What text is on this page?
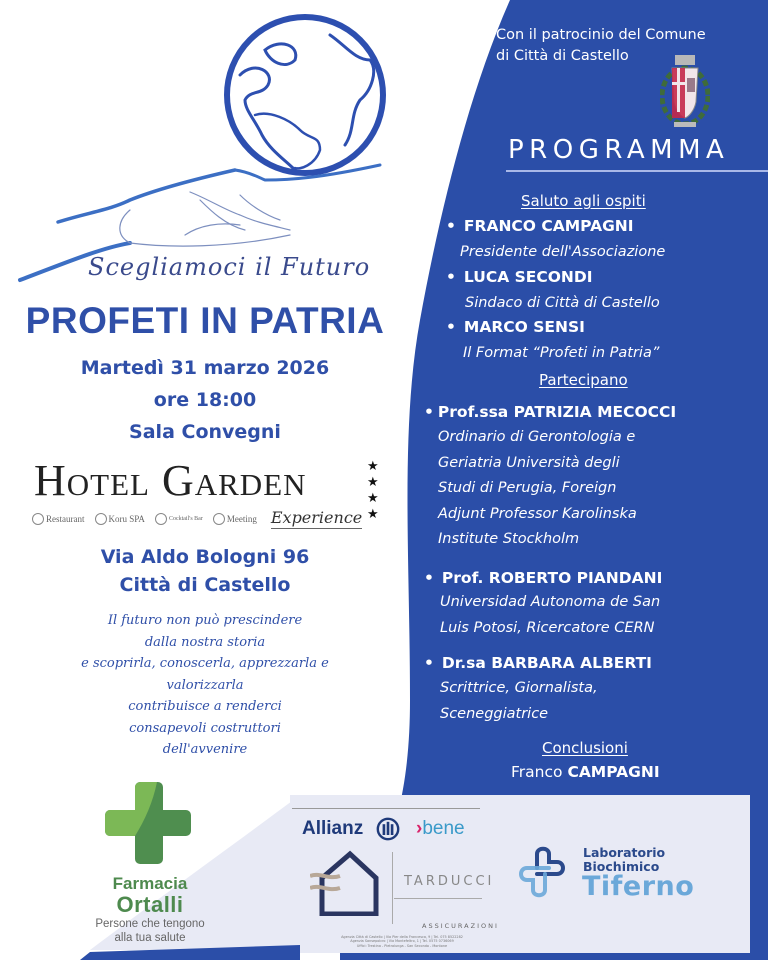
Scegliamoci il Futuro
PROFETI IN PATRIA
Martedì 31 marzo 2026
ore 18:00
Sala Convegni
Hotel Garden	★
★
★
★
Restaurant	Koru SPA	Cocktail's Bar	Meeting Experience
Via Aldo Bologni 96
Città di Castello
Il futuro non può prescindere
dalla nostra storia
e scoprirla, conoscerla, apprezzarla e
valorizzarla
contribuisce a renderci
consapevoli costruttori
dell'avvenire
Con il patrocinio del Comune
di Città di Castello
PROGRAMMA
Saluto agli ospiti
• FRANCO CAMPAGNI
Presidente dell'Associazione
• LUCA SECONDI
Sindaco di Città di Castello
• MARCO SENSI
Il Format “Profeti in Patria”
Partecipano
• Prof.ssa PATRIZIA MECOCCI
Ordinario di Gerontologia e
Geriatria Università degli
Studi di Perugia, Foreign
Adjunt Professor Karolinska
Institute Stockholm
• Prof. ROBERTO PIANDANI
Universidad Autonoma de San
Luis Potosi, Ricercatore CERN
• Dr.sa BARBARA ALBERTI
Scrittrice, Giornalista,
Sceneggiatrice
Conclusioni
Franco CAMPAGNI
Farmacia
Ortalli
Persone che tengono
alla tua salute
Allianz	›bene
TARDUCCI
ASSICURAZIONI
Agenzia Città di Castello | Via Pier della Francesca, 9 | Tel. 075 8522282
Agenzia Sansepolcro | Via Montefeltro, 1 | Tel. 0575 0736069
Uffici: Trestina - Pietralunga - San Secondo - Montone
Laboratorio
Biochimico
Tiferno
